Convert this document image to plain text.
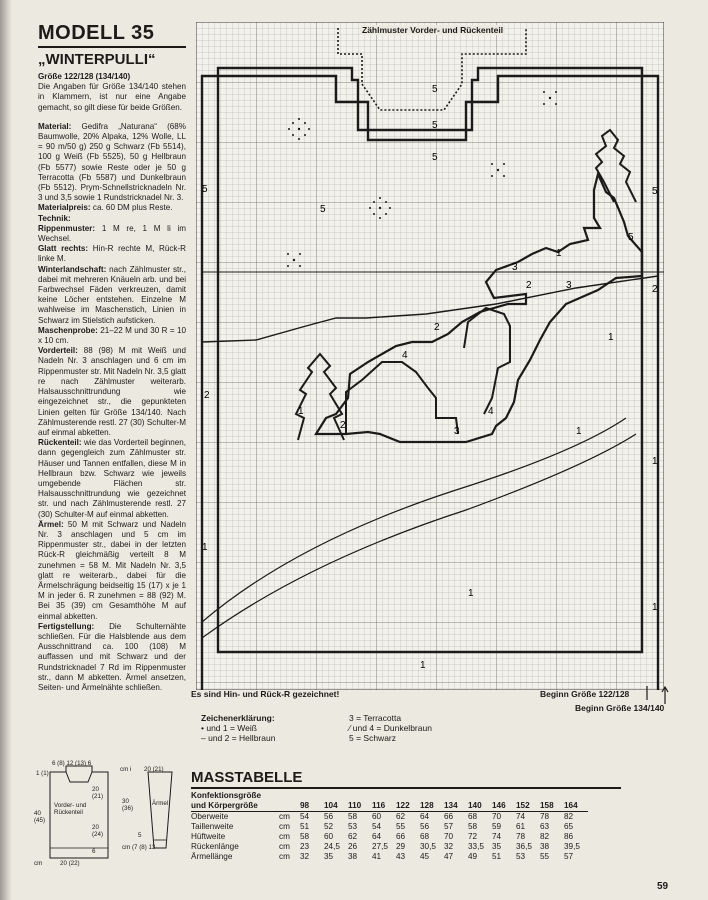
MODELL 35
„WINTERPULLI“

Größe 122/128 (134/140)

Die Angaben für Größe 134/140 stehen in Klammern, ist nur eine Angabe gemacht, so gilt diese für beide Größen.

Material: Gedifra „Naturana“ (68% Baumwolle, 20% Alpaka, 12% Wolle, LL = 90 m/50 g) 250 g Schwarz (Fb 5514), 100 g Weiß (Fb 5525), 50 g Hellbraun (Fb 5577) sowie Reste oder je 50 g Terracotta (Fb 5587) und Dunkelbraun (Fb 5512). Prym-Schnellstricknadeln Nr. 3 und 3,5 sowie 1 Rundstricknadel Nr. 3.

Materialpreis: ca. 60 DM plus Reste.

Technik:

Rippenmuster: 1 M re, 1 M li im Wechsel.

Glatt rechts: Hin-R rechte M, Rück-R linke M.

Winterlandschaft: nach Zählmuster str., dabei mit mehreren Knäueln arb. und bei Farbwechsel Fäden verkreuzen, damit keine Löcher entstehen. Einzelne M wahlweise im Maschenstich, Linien in Schwarz im Stielstich aufsticken.

Maschenprobe: 21–22 M und 30 R = 10 x 10 cm.

Vorderteil: 88 (98) M mit Weiß und Nadeln Nr. 3 anschlagen und 6 cm im Rippenmuster str. Mit Nadeln Nr. 3,5 glatt re nach Zählmuster weiterarb. Halsausschnittrundung wie eingezeichnet str., die gepunkteten Linien gelten für Größe 134/140. Nach Zählmusterende restl. 27 (30) Schulter-M auf einmal abketten.

Rückenteil: wie das Vorderteil beginnen, dann gegengleich zum Zählmuster str. Häuser und Tannen entfallen, diese M in Hellbraun bzw. Schwarz wie jeweils umgebende Flächen str. Halsausschnittrundung wie gezeichnet str. und nach Zählmusterende restl. 27 (30) Schulter-M auf einmal abketten.

Ärmel: 50 M mit Schwarz und Nadeln Nr. 3 anschlagen und 5 cm im Rippenmuster str., dabei in der letzten Rück-R gleichmäßig verteilt 8 M zunehmen = 58 M. Mit Nadeln Nr. 3,5 glatt re weiterarb., dabei für die Ärmelschrägung beidseitig 15 (17) x je 1 M in jeder 6. R zunehmen = 88 (92) M. Bei 35 (39) cm Gesamthöhe M auf einmal abketten.

Fertigstellung: Die Schulternähte schließen. Für die Halsblende aus dem Ausschnittrand ca. 100 (108) M auffassen und mit Schwarz und der Rundstricknadel 7 Rd im Rippenmuster str., dann M abketten. Ärmel ansetzen, Seiten- und Ärmelnähte schließen.

5
5
5
5
5
5
5
3
3
3
4
4
2
2
2
2
2
1
1
1
1
1
1
1
1
1
Zählmuster Vorder- und Rückenteil
Es sind Hin- und Rück-R gezeichnet!	Beginn Größe 122/128
Beginn Größe 134/140
Zeichenerklärung:
• und 1 = Weiß
– und 2 = Hellbraun
3 = Terracotta
⁄ und 4 = Dunkelbraun
5 = Schwarz
6 (8) 12 (13) 6
1 (1)
Vorder- und Rückenteil
40 (45)
20 (21)
20 (24)
6
cm	20 (22)
cm i 20 (21)
30 (36)
Ärmel
5
cm (7 (8) 13
MASSTABELLE
Konfektionsgröße													
und Körpergröße		98	104	110	116	122	128	134	140	146	152	158	164
Oberweite	cm	54	56	58	60	62	64	66	68	70	74	78	82
Taillenweite	cm	51	52	53	54	55	56	57	58	59	61	63	65
Hüftweite	cm	58	60	62	64	66	68	70	72	74	78	82	86
Rückenlänge	cm	23	24,5	26	27,5	29	30,5	32	33,5	35	36,5	38	39,5
Ärmellänge	cm	32	35	38	41	43	45	47	49	51	53	55	57
59
